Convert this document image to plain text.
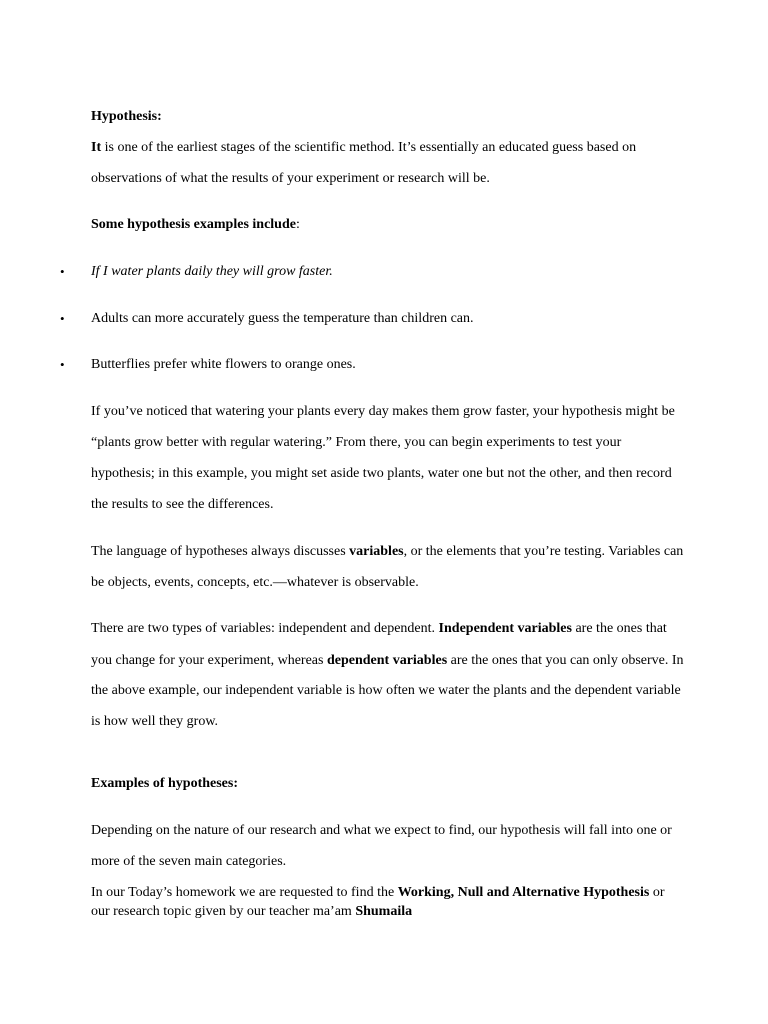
Hypothesis:
It is one of the earliest stages of the scientific method. It’s essentially an educated guess based on
observations of what the results of your experiment or research will be.
Some hypothesis examples include:
• If I water plants daily they will grow faster.
• Adults can more accurately guess the temperature than children can.
• Butterflies prefer white flowers to orange ones.
If you’ve noticed that watering your plants every day makes them grow faster, your hypothesis might be
“plants grow better with regular watering.” From there, you can begin experiments to test your
hypothesis; in this example, you might set aside two plants, water one but not the other, and then record
the results to see the differences.
The language of hypotheses always discusses variables, or the elements that you’re testing. Variables can
be objects, events, concepts, etc.—whatever is observable.
There are two types of variables: independent and dependent. Independent variables are the ones that
you change for your experiment, whereas dependent variables are the ones that you can only observe. In
the above example, our independent variable is how often we water the plants and the dependent variable
is how well they grow.
Examples of hypotheses:
Depending on the nature of our research and what we expect to find, our hypothesis will fall into one or
more of the seven main categories.
In our Today’s homework we are requested to find the Working, Null and Alternative Hypothesis or
our research topic given by our teacher ma’am Shumaila
